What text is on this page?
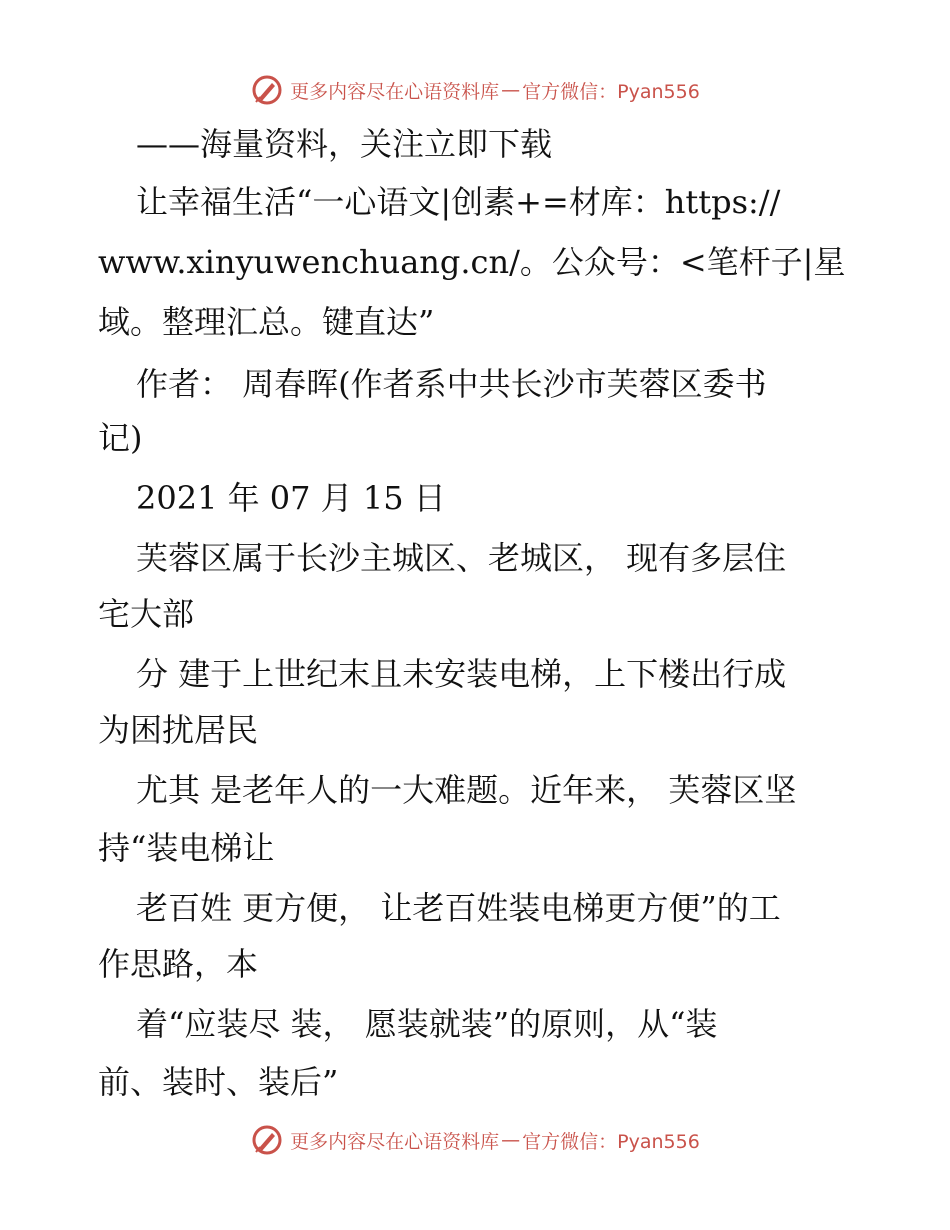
更多内容尽在心语资料库 — 官方微信：Pyan556
——海量资料，关注立即下载
让幸福生活“一心语文|创素+=材库：https://
www.xinyuwenchuang.cn/。公众号：<笔杆子|星
域。整理汇总。键直达”
作者： 周春晖(作者系中共长沙市芙蓉区委书
记)
2021 年 07 月 15 日
芙蓉区属于长沙主城区、老城区， 现有多层住
宅大部
分 建于上世纪末且未安装电梯，上下楼出行成
为困扰居民
尤其 是老年人的一大难题。近年来， 芙蓉区坚
持“装电梯让
老百姓 更方便， 让老百姓装电梯更方便”的工
作思路，本
着“应装尽 装， 愿装就装”的原则，从“装
前、装时、装后”
更多内容尽在心语资料库 — 官方微信：Pyan556
